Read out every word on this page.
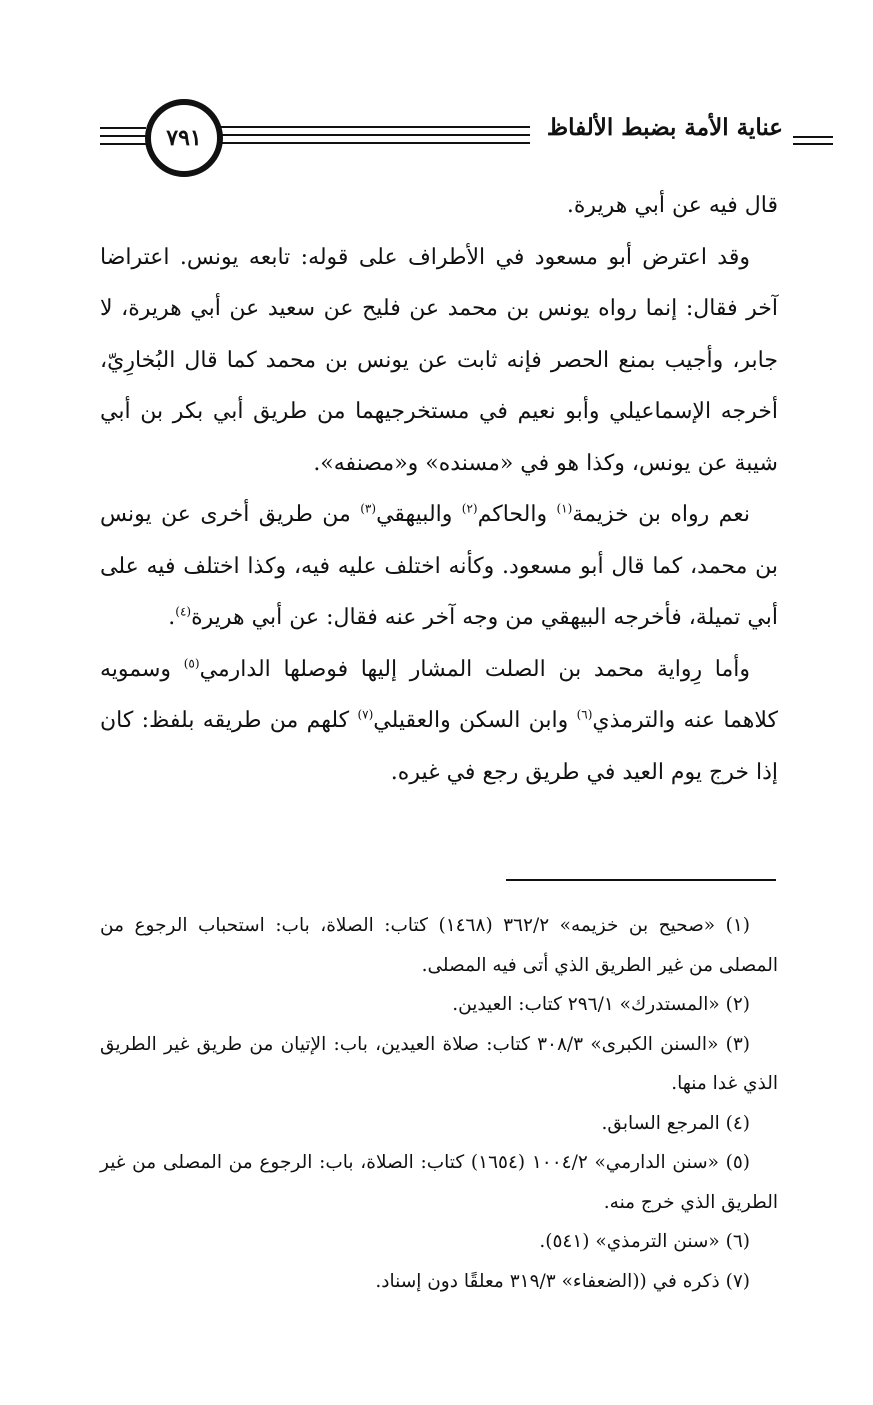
عناية الأمة بضبط الألفاظ
٧٩١

قال فيه عن أبي هريرة.

وقد اعترض أبو مسعود في الأطراف على قوله: تابعه يونس. اعتراضا آخر فقال: إنما رواه يونس بن محمد عن فليح عن سعيد عن أبي هريرة، لا جابر، وأجيب بمنع الحصر فإنه ثابت عن يونس بن محمد كما قال البُخارِيّ، أخرجه الإسماعيلي وأبو نعيم في مستخرجيهما من طريق أبي بكر بن أبي شيبة عن يونس، وكذا هو في «مسنده» و«مصنفه».

نعم رواه بن خزيمة$^{(١)}$ والحاكم$^{(٢)}$ والبيهقي$^{(٣)}$ من طريق أخرى عن يونس بن محمد، كما قال أبو مسعود. وكأنه اختلف عليه فيه، وكذا اختلف فيه على أبي تميلة، فأخرجه البيهقي من وجه آخر عنه فقال: عن أبي هريرة$^{(٤)}$.

وأما رِواية محمد بن الصلت المشار إليها فوصلها الدارمي$^{(٥)}$ وسمويه كلاهما عنه والترمذي$^{(٦)}$ وابن السكن والعقيلي$^{(٧)}$ كلهم من طريقه بلفظ: كان إذا خرج يوم العيد في طريق رجع في غيره.

(١) «صحيح بن خزيمه» ٣٦٢/٢ (١٤٦٨) كتاب: الصلاة، باب: استحباب الرجوع من المصلى من غير الطريق الذي أتى فيه المصلى.

(٢) «المستدرك» ٢٩٦/١ كتاب: العيدين.

(٣) «السنن الكبرى» ٣٠٨/٣ كتاب: صلاة العيدين، باب: الإتيان من طريق غير الطريق الذي غدا منها.

(٤) المرجع السابق.

(٥) «سنن الدارمي» ١٠٠٤/٢ (١٦٥٤) كتاب: الصلاة، باب: الرجوع من المصلى من غير الطريق الذي خرج منه.

(٦) «سنن الترمذي» (٥٤١).

(٧) ذكره في ((الضعفاء» ٣١٩/٣ معلقًا دون إسناد.
